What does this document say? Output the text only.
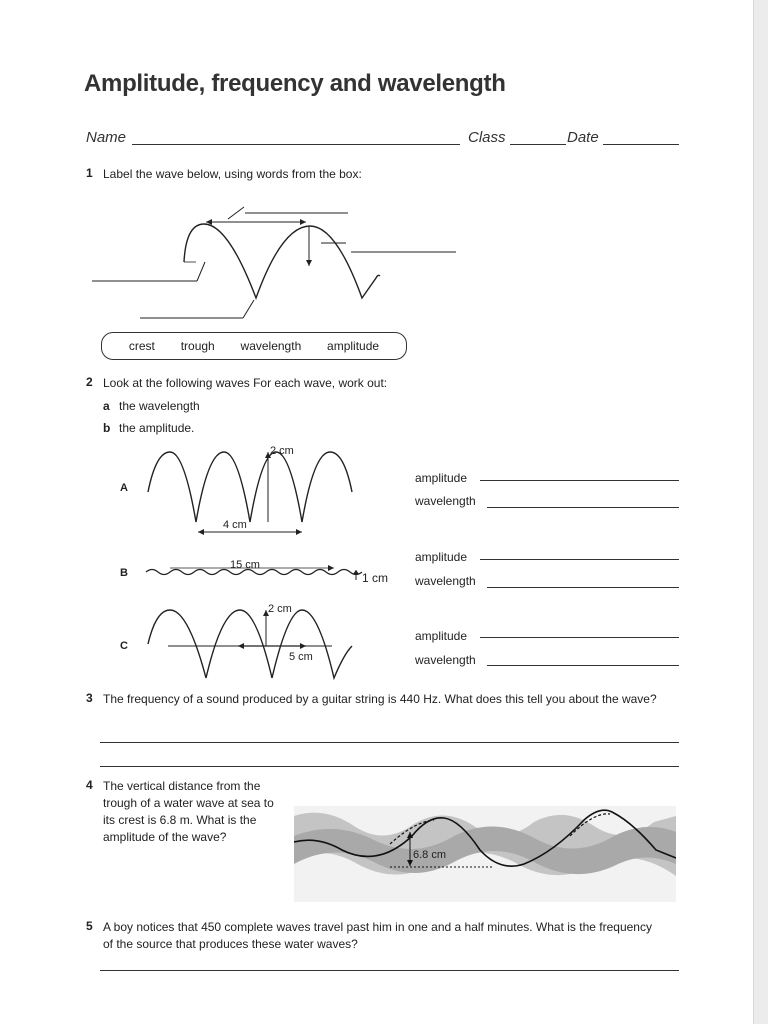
Amplitude, frequency and wavelength
Name	Class	Date
1 Label the wave below, using words from the box:
crest trough wavelength amplitude
2 Look at the following waves For each wave, work out:
a the wavelength
b the amplitude.
A
2 cm
4 cm
B
15 cm
1 cm
C
2 cm
5 cm
amplitude
wavelength
amplitude
wavelength
amplitude
wavelength
3 The frequency of a sound produced by a guitar string is 440 Hz. What does this tell you about the wave?
4 The vertical distance from the trough of a water wave at sea to its crest is 6.8 m. What is the amplitude of the wave?
6.8 cm
5 A boy notices that 450 complete waves travel past him in one and a half minutes. What is the frequency of the source that produces these water waves?
